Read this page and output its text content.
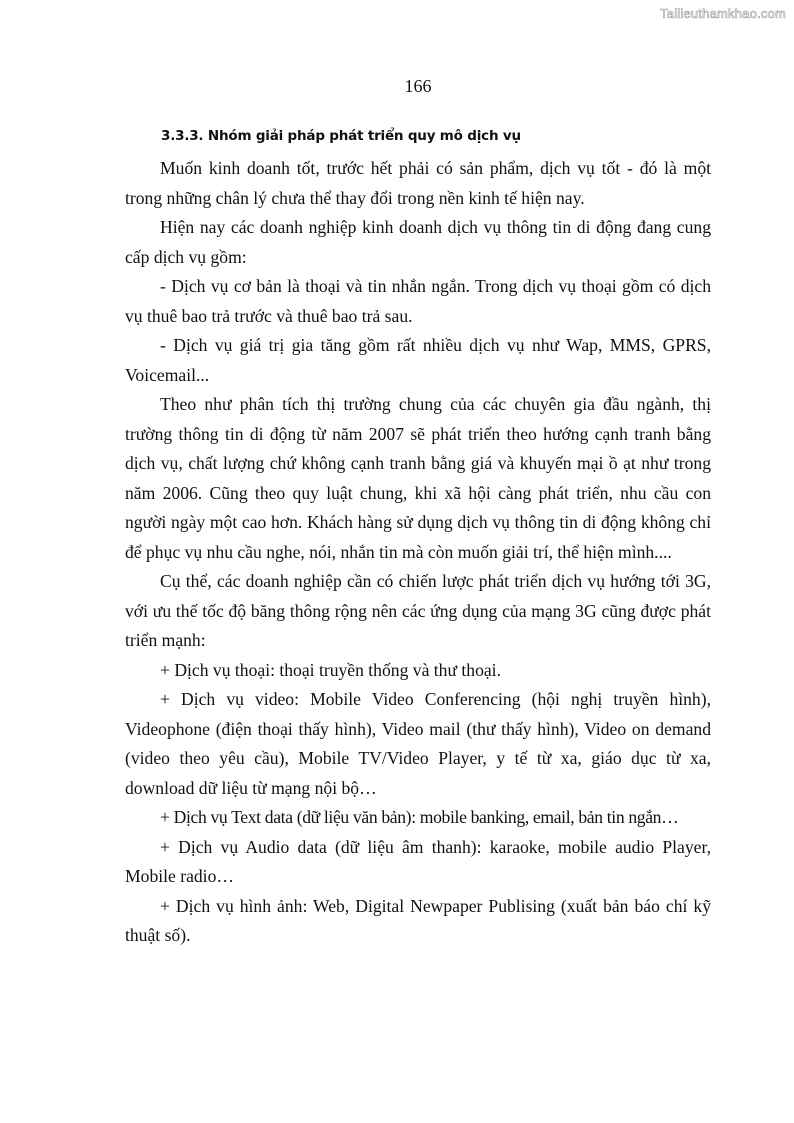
Tailieuthamkhao.com
166
3.3.3. Nhóm giải pháp phát triển quy mô dịch vụ

Muốn kinh doanh tốt, trước hết phải có sản phẩm, dịch vụ tốt - đó là một trong những chân lý chưa thể thay đổi trong nền kinh tế hiện nay.

Hiện nay các doanh nghiệp kinh doanh dịch vụ thông tin di động đang cung cấp dịch vụ gồm:

- Dịch vụ cơ bản là thoại và tin nhắn ngắn. Trong dịch vụ thoại gồm có dịch vụ thuê bao trả trước và thuê bao trả sau.

- Dịch vụ giá trị gia tăng gồm rất nhiều dịch vụ như Wap, MMS, GPRS, Voicemail...

Theo như phân tích thị trường chung của các chuyên gia đầu ngành, thị trường thông tin di động từ năm 2007 sẽ phát triển theo hướng cạnh tranh bằng dịch vụ, chất lượng chứ không cạnh tranh bằng giá và khuyến mại ồ ạt như trong năm 2006. Cũng theo quy luật chung, khi xã hội càng phát triển, nhu cầu con người ngày một cao hơn. Khách hàng sử dụng dịch vụ thông tin di động không chỉ để phục vụ nhu cầu nghe, nói, nhắn tin mà còn muốn giải trí, thể hiện mình....

Cụ thể, các doanh nghiệp cần có chiến lược phát triển dịch vụ hướng tới 3G, với ưu thế tốc độ băng thông rộng nên các ứng dụng của mạng 3G cũng được phát triển mạnh:

+ Dịch vụ thoại: thoại truyền thống và thư thoại.

+ Dịch vụ video: Mobile Video Conferencing (hội nghị truyền hình), Videophone (điện thoại thấy hình), Video mail (thư thấy hình), Video on demand (video theo yêu cầu), Mobile TV/Video Player, y tế từ xa, giáo dục từ xa, download dữ liệu từ mạng nội bộ…

+ Dịch vụ Text data (dữ liệu văn bản): mobile banking, email, bản tin ngắn…

+ Dịch vụ Audio data (dữ liệu âm thanh): karaoke, mobile audio Player, Mobile radio…

+ Dịch vụ hình ảnh: Web, Digital Newpaper Publising (xuất bản báo chí kỹ thuật số).
